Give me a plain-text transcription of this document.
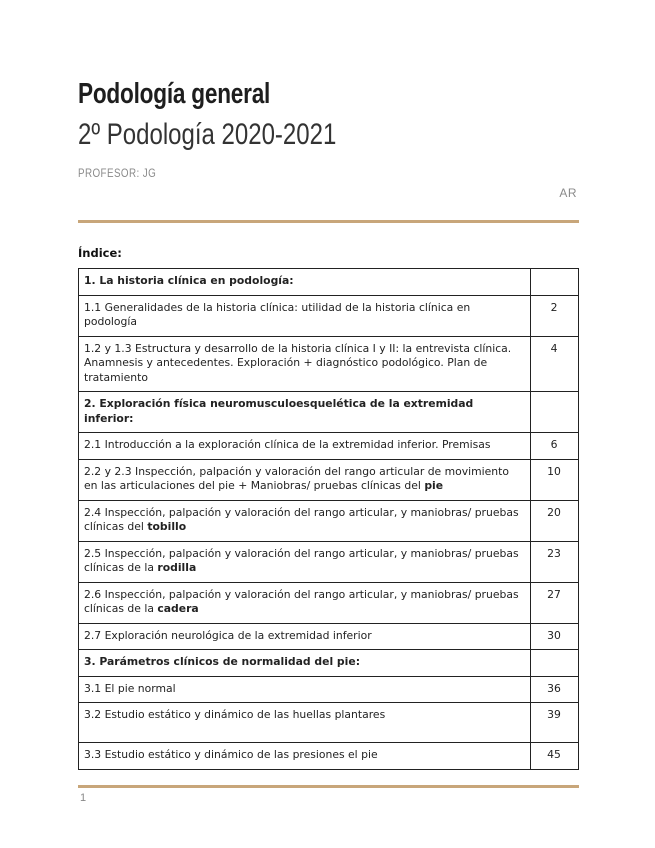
Podología general
2º Podología 2020-2021
PROFESOR: JG
AR
Índice:
1. La historia clínica en podología:	
1.1 Generalidades de la historia clínica: utilidad de la historia clínica en podología	2
1.2 y 1.3 Estructura y desarrollo de la historia clínica I y II: la entrevista clínica. Anamnesis y antecedentes. Exploración + diagnóstico podológico. Plan de tratamiento	4
2. Exploración física neuromusculoesquelética de la extremidad inferior:	
2.1 Introducción a la exploración clínica de la extremidad inferior. Premisas	6
2.2 y 2.3 Inspección, palpación y valoración del rango articular de movimiento en las articulaciones del pie + Maniobras/ pruebas clínicas del pie	10
2.4 Inspección, palpación y valoración del rango articular, y maniobras/ pruebas clínicas del tobillo	20
2.5 Inspección, palpación y valoración del rango articular, y maniobras/ pruebas clínicas de la rodilla	23
2.6 Inspección, palpación y valoración del rango articular, y maniobras/ pruebas clínicas de la cadera	27
2.7 Exploración neurológica de la extremidad inferior	30
3. Parámetros clínicos de normalidad del pie:	
3.1 El pie normal	36
3.2 Estudio estático y dinámico de las huellas plantares	39
3.3 Estudio estático y dinámico de las presiones el pie	45
1
